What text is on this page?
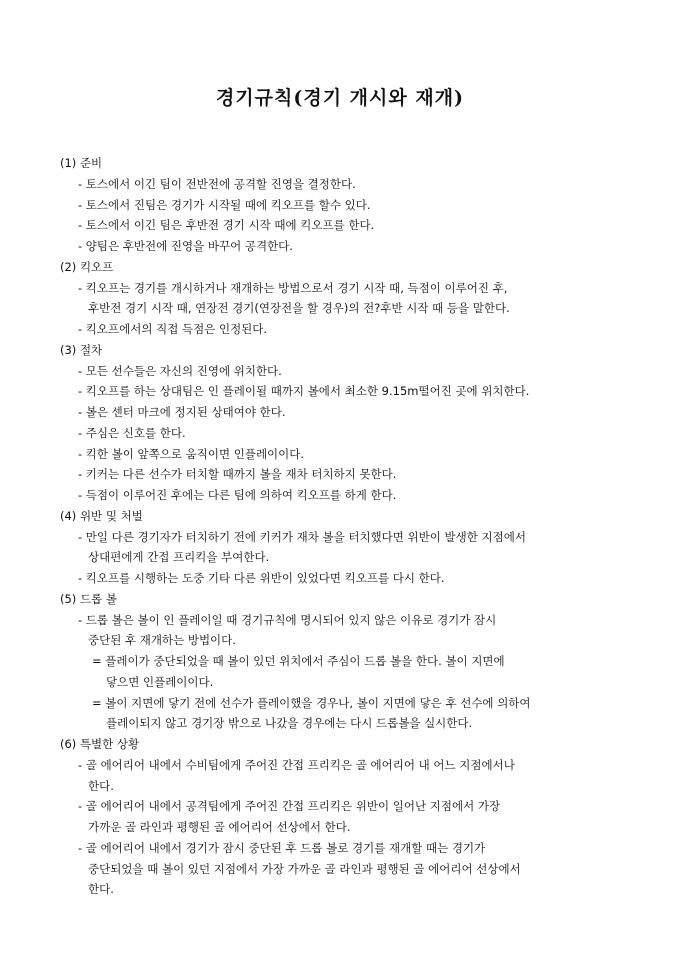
경기규칙(경기 개시와 재개)
(1) 준비
- 토스에서 이긴 팀이 전반전에 공격할 진영을 결정한다.
- 토스에서 진팀은 경기가 시작될 때에 킥오프를 할수 있다.
- 토스에서 이긴 팀은 후반전 경기 시작 때에 킥오프를 한다.
- 양팀은 후반전에 진영을 바꾸어 공격한다.
(2) 킥오프
- 킥오프는 경기를 개시하거나 재개하는 방법으로서 경기 시작 때, 득점이 이루어진 후,
후반전 경기 시작 때, 연장전 경기(연장전을 할 경우)의 전?후반 시작 때 등을 말한다.
- 킥오프에서의 직접 득점은 인정된다.
(3) 절차
- 모든 선수들은 자신의 진영에 위치한다.
- 킥오프를 하는 상대팀은 인 플레이될 때까지 볼에서 최소한 9.15m떨어진 곳에 위치한다.
- 볼은 센터 마크에 정지된 상태여야 한다.
- 주심은 신호를 한다.
- 킥한 볼이 앞쪽으로 움직이면 인플레이이다.
- 키커는 다른 선수가 터치할 때까지 볼을 재차 터치하지 못한다.
- 득점이 이루어진 후에는 다른 팀에 의하여 킥오프를 하게 한다.
(4) 위반 및 처벌
- 만일 다른 경기자가 터치하기 전에 키커가 재차 볼을 터치했다면 위반이 발생한 지점에서
상대편에게 간접 프리킥을 부여한다.
- 킥오프를 시행하는 도중 기타 다른 위반이 있었다면 킥오프를 다시 한다.
(5) 드롭 볼
- 드롭 볼은 볼이 인 플레이일 때 경기규칙에 명시되어 있지 않은 이유로 경기가 잠시
중단된 후 재개하는 방법이다.
= 플레이가 중단되었을 때 볼이 있던 위치에서 주심이 드롭 볼을 한다. 볼이 지면에
닿으면 인플레이이다.
= 볼이 지면에 닿기 전에 선수가 플레이했을 경우나, 볼이 지면에 닿은 후 선수에 의하여
플레이되지 않고 경기장 밖으로 나갔을 경우에는 다시 드롭볼을 실시한다.
(6) 특별한 상황
- 골 에어리어 내에서 수비팀에게 주어진 간접 프리킥은 골 에어리어 내 어느 지점에서나
한다.
- 골 에어리어 내에서 공격팀에게 주어진 간접 프리킥은 위반이 일어난 지점에서 가장
가까운 골 라인과 평행된 골 에어리어 선상에서 한다.
- 골 에어리어 내에서 경기가 잠시 중단된 후 드롭 볼로 경기를 재개할 때는 경기가
중단되었을 때 볼이 있던 지점에서 가장 가까운 골 라인과 평행된 골 에어리어 선상에서
한다.
